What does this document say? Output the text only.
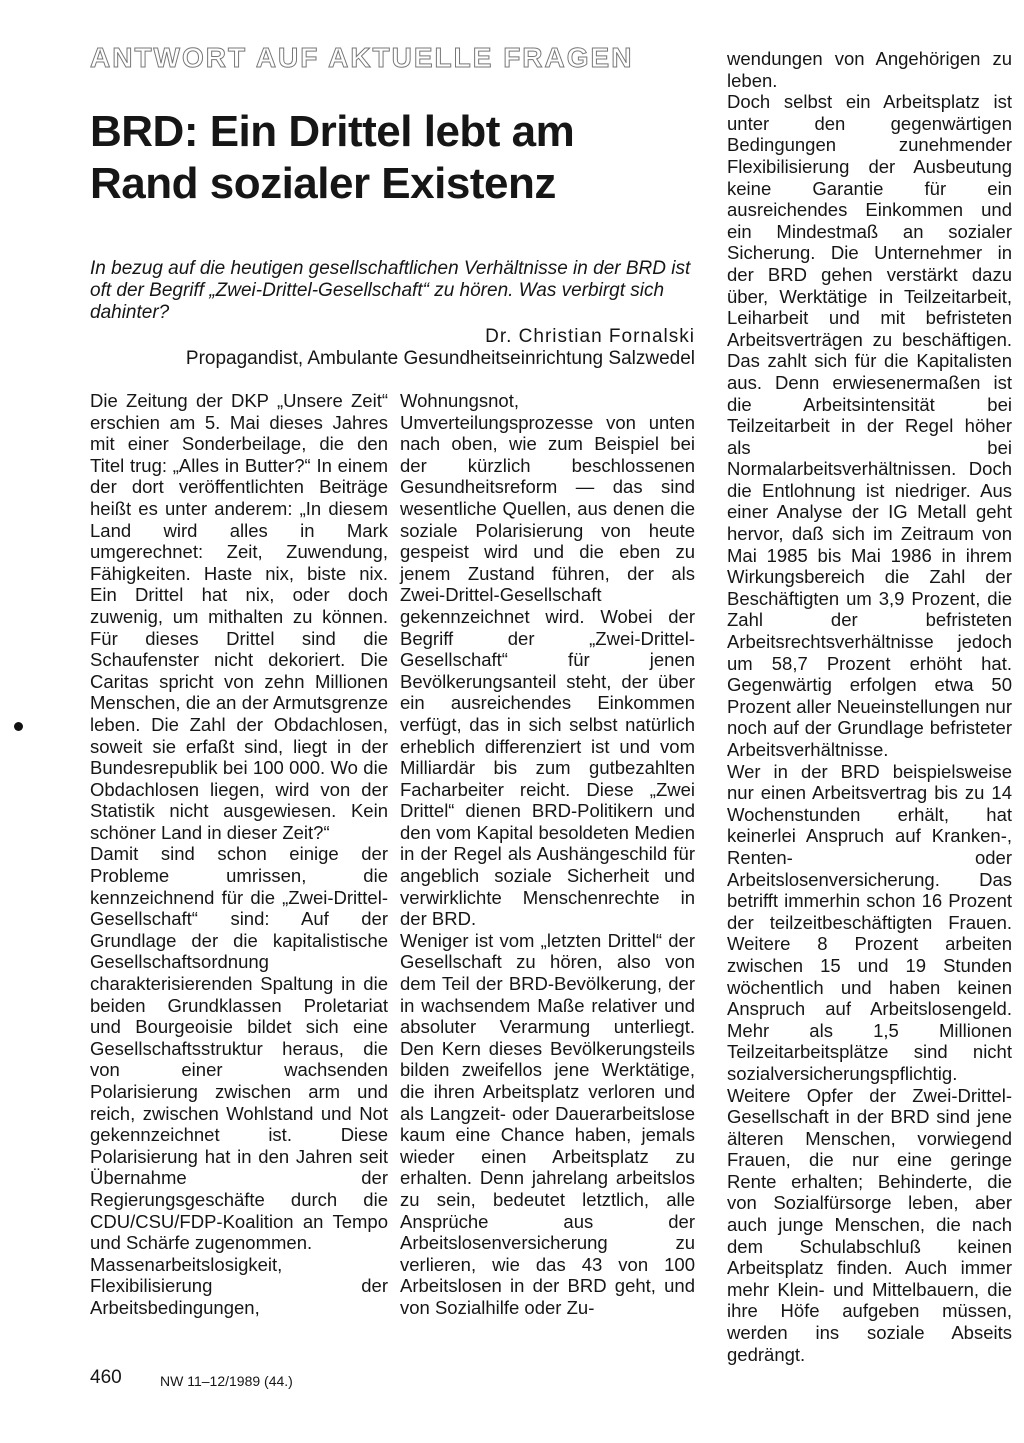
ANTWORT AUF AKTUELLE FRAGEN
BRD: Ein Drittel lebt am Rand sozialer Existenz
In bezug auf die heutigen gesellschaftlichen Verhältnisse in der BRD ist oft der Begriff „Zwei-Drittel-Gesellschaft“ zu hören. Was verbirgt sich dahinter?
Dr. Christian Fornalski
Propagandist, Ambulante Gesundheitseinrichtung Salzwedel

Die Zeitung der DKP „Unsere Zeit“ erschien am 5. Mai dieses Jahres mit einer Sonderbeilage, die den Titel trug: „Alles in Butter?“ In einem der dort veröffentlichten Beiträge heißt es unter anderem: „In diesem Land wird alles in Mark umgerechnet: Zeit, Zuwendung, Fähigkeiten. Haste nix, biste nix. Ein Drittel hat nix, oder doch zuwenig, um mithalten zu können. Für dieses Drittel sind die Schaufenster nicht dekoriert. Die Caritas spricht von zehn Millionen Menschen, die an der Armutsgrenze leben. Die Zahl der Obdachlosen, soweit sie erfaßt sind, liegt in der Bundesrepublik bei 100 000. Wo die Obdachlosen liegen, wird von der Statistik nicht ausgewiesen. Kein schöner Land in dieser Zeit?“

Damit sind schon einige der Probleme umrissen, die kennzeichnend für die „Zwei-Drittel-Gesellschaft“ sind: Auf der Grundlage der die kapitalistische Gesellschaftsordnung charakterisierenden Spaltung in die beiden Grundklassen Proletariat und Bourgeoisie bildet sich eine Gesellschaftsstruktur heraus, die von einer wachsenden Polarisierung zwischen arm und reich, zwischen Wohlstand und Not gekennzeichnet ist. Diese Polarisierung hat in den Jahren seit Übernahme der Regierungsgeschäfte durch die CDU/CSU/FDP-Koalition an Tempo und Schärfe zugenommen.

Massenarbeitslosigkeit, Flexibilisierung der Arbeitsbedingungen,

Wohnungsnot, Umverteilungsprozesse von unten nach oben, wie zum Beispiel bei der kürzlich beschlossenen Gesundheitsreform — das sind wesentliche Quellen, aus denen die soziale Polarisierung von heute gespeist wird und die eben zu jenem Zustand führen, der als Zwei-Drittel-Gesellschaft gekennzeichnet wird. Wobei der Begriff der „Zwei-Drittel-Gesellschaft“ für jenen Bevölkerungsanteil steht, der über ein ausreichendes Einkommen verfügt, das in sich selbst natürlich erheblich differenziert ist und vom Milliardär bis zum gutbezahlten Facharbeiter reicht. Diese „Zwei Drittel“ dienen BRD-Politikern und den vom Kapital besoldeten Medien in der Regel als Aushängeschild für angeblich soziale Sicherheit und verwirklichte Menschenrechte in der BRD.

Weniger ist vom „letzten Drittel“ der Gesellschaft zu hören, also von dem Teil der BRD-Bevölkerung, der in wachsendem Maße relativer und absoluter Verarmung unterliegt. Den Kern dieses Bevölkerungsteils bilden zweifellos jene Werktätige, die ihren Arbeitsplatz verloren und als Langzeit- oder Dauerarbeitslose kaum eine Chance haben, jemals wieder einen Arbeitsplatz zu erhalten. Denn jahrelang arbeitslos zu sein, bedeutet letztlich, alle Ansprüche aus der Arbeitslosenversicherung zu verlieren, wie das 43 von 100 Arbeitslosen in der BRD geht, und von Sozialhilfe oder Zu-

wendungen von Angehörigen zu leben.

Doch selbst ein Arbeitsplatz ist unter den gegenwärtigen Bedingungen zunehmender Flexibilisierung der Ausbeutung keine Garantie für ein ausreichendes Einkommen und ein Mindestmaß an sozialer Sicherung. Die Unternehmer in der BRD gehen verstärkt dazu über, Werktätige in Teilzeitarbeit, Leiharbeit und mit befristeten Arbeitsverträgen zu beschäftigen. Das zahlt sich für die Kapitalisten aus. Denn erwiesenermaßen ist die Arbeitsintensität bei Teilzeitarbeit in der Regel höher als bei Normalarbeitsverhältnissen. Doch die Entlohnung ist niedriger. Aus einer Analyse der IG Metall geht hervor, daß sich im Zeitraum von Mai 1985 bis Mai 1986 in ihrem Wirkungsbereich die Zahl der Beschäftigten um 3,9 Prozent, die Zahl der befristeten Arbeitsrechtsverhältnisse jedoch um 58,7 Prozent erhöht hat. Gegenwärtig erfolgen etwa 50 Prozent aller Neueinstellungen nur noch auf der Grundlage befristeter Arbeitsverhältnisse.

Wer in der BRD beispielsweise nur einen Arbeitsvertrag bis zu 14 Wochenstunden erhält, hat keinerlei Anspruch auf Kranken-, Renten- oder Arbeitslosenversicherung. Das betrifft immerhin schon 16 Prozent der teilzeitbeschäftigten Frauen. Weitere 8 Prozent arbeiten zwischen 15 und 19 Stunden wöchentlich und haben keinen Anspruch auf Arbeitslosengeld. Mehr als 1,5 Millionen Teilzeitarbeitsplätze sind nicht sozialversicherungspflichtig.

Weitere Opfer der Zwei-Drittel-Gesellschaft in der BRD sind jene älteren Menschen, vorwiegend Frauen, die nur eine geringe Rente erhalten; Behinderte, die von Sozialfürsorge leben, aber auch junge Menschen, die nach dem Schulabschluß keinen Arbeitsplatz finden. Auch immer mehr Klein- und Mittelbauern, die ihre Höfe aufgeben müssen, werden ins soziale Abseits gedrängt.

460	NW 11–12/1989 (44.)
